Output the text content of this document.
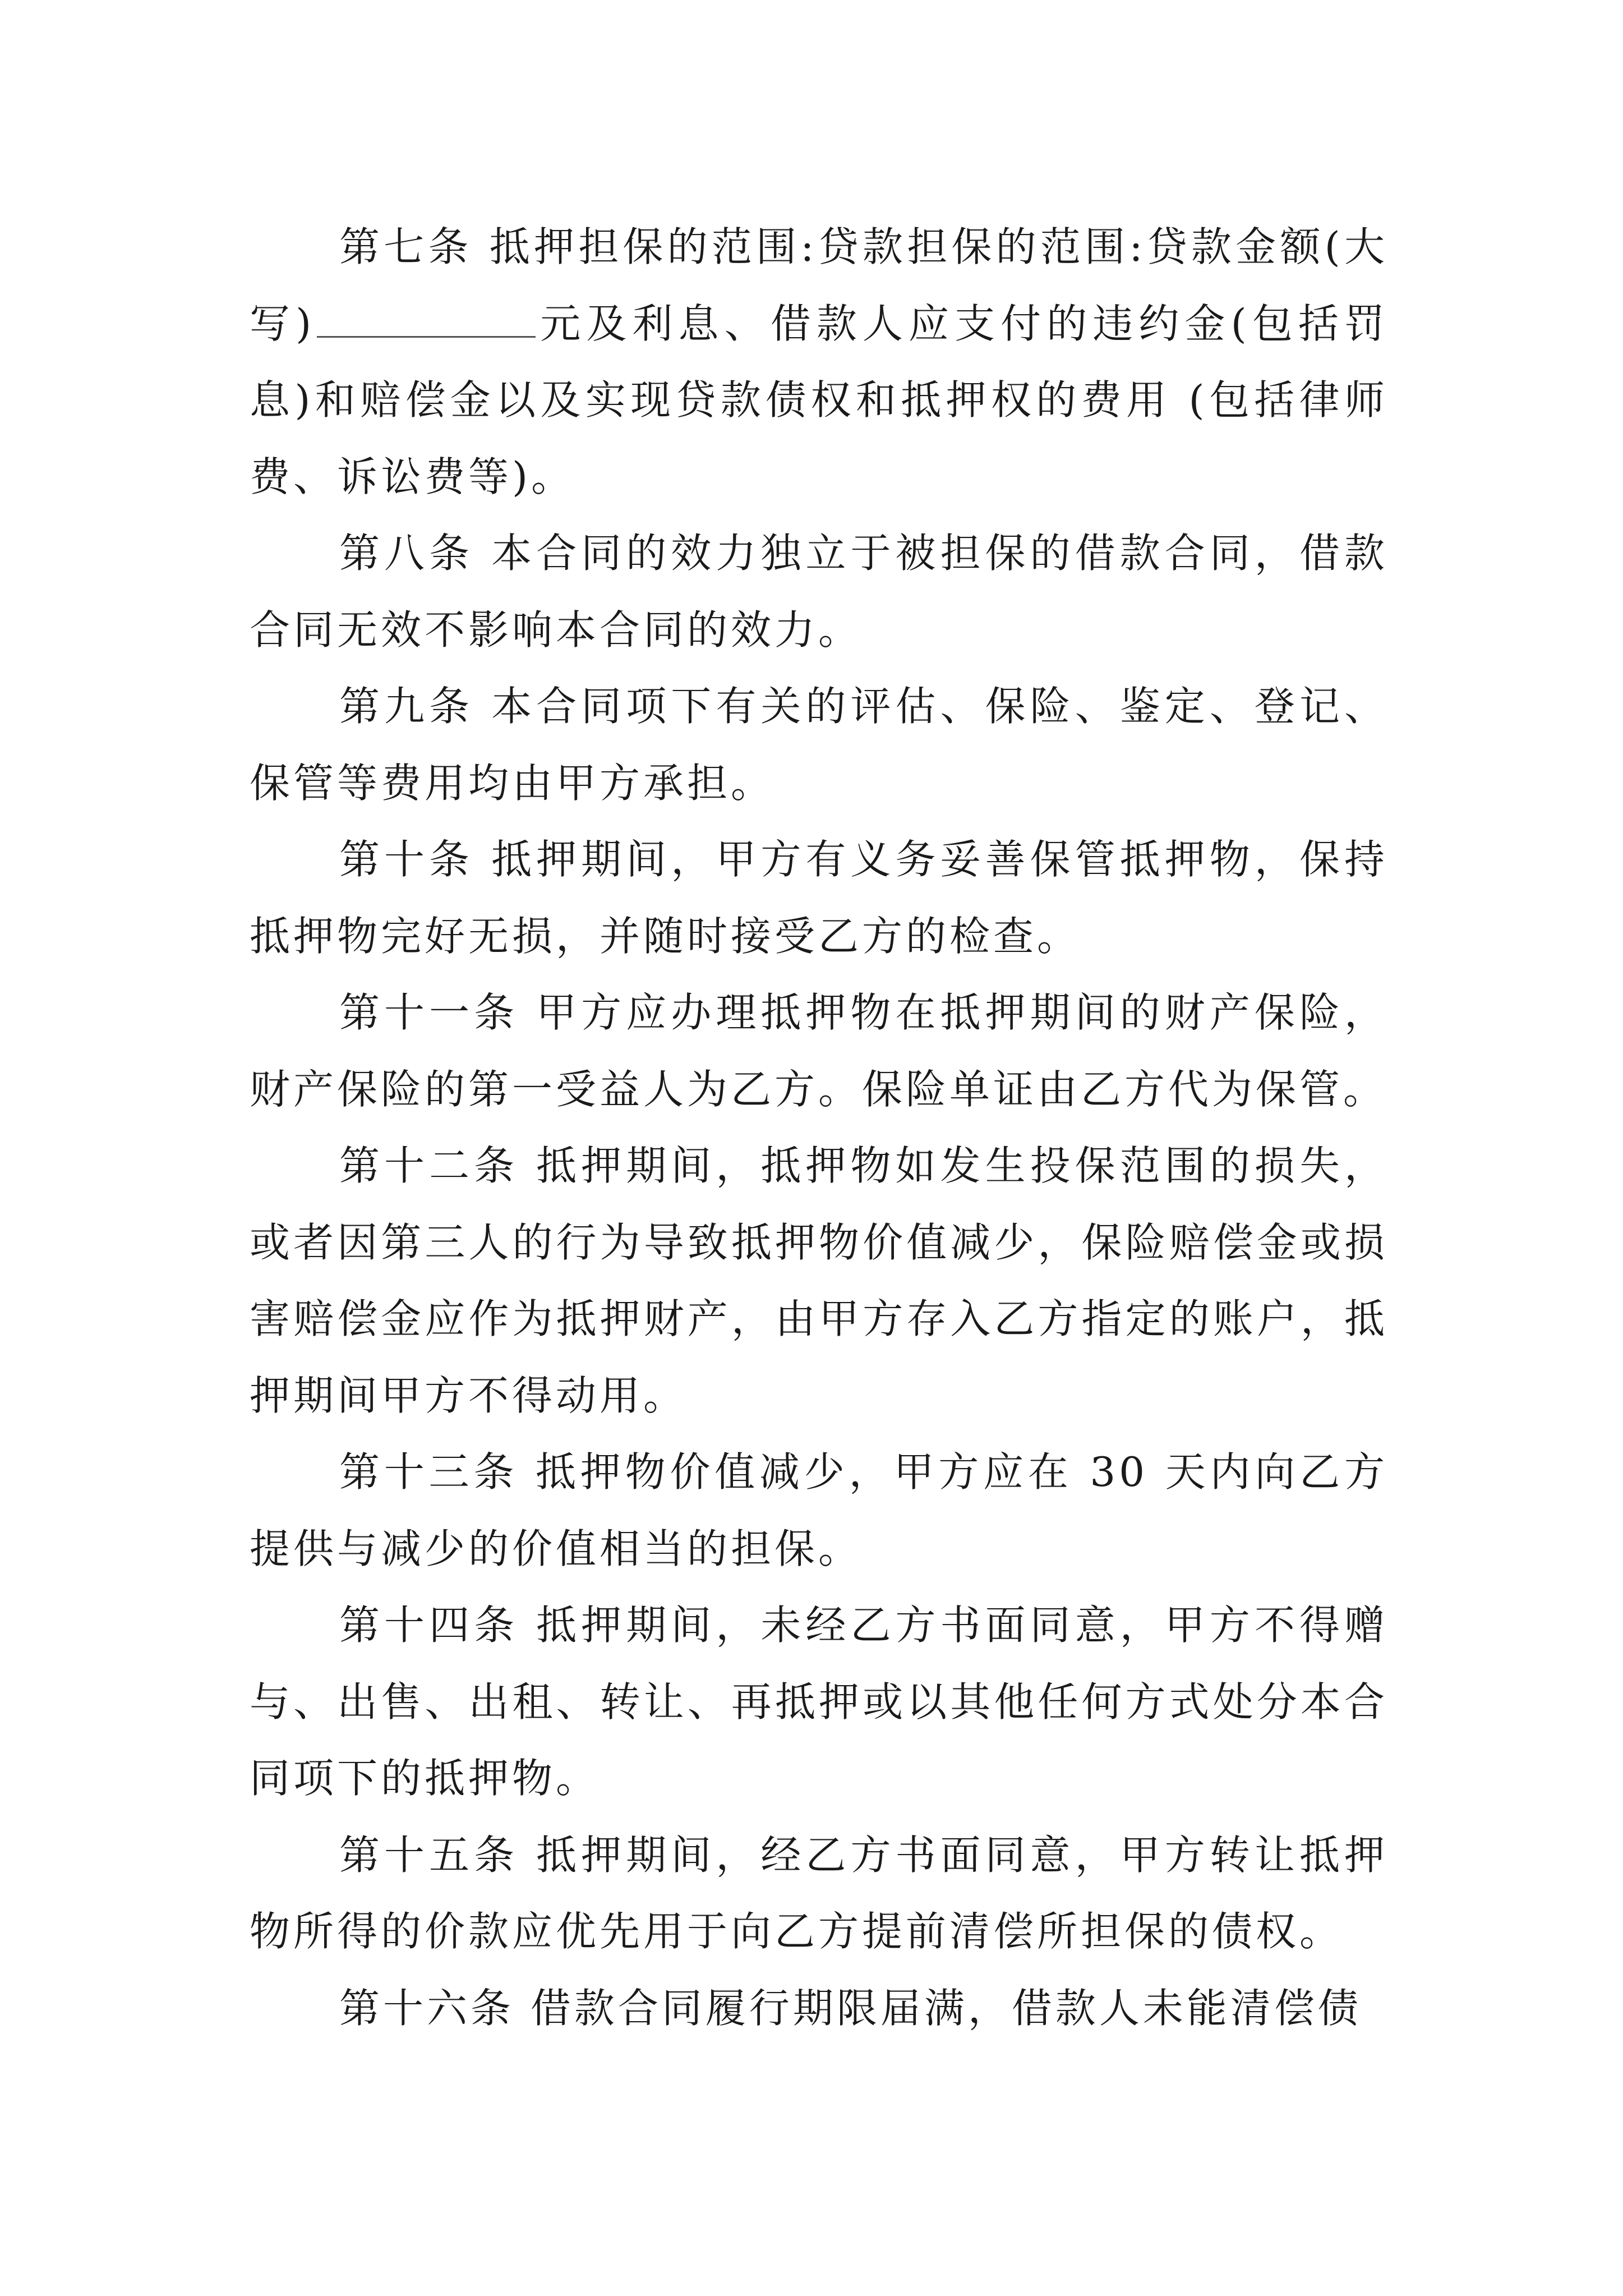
第七条 抵押担保的范围:贷款担保的范围:贷款金额(大写)	元及利息、借款人应支付的违约金(包括罚息)和赔偿金以及实现贷款债权和抵押权的费用 (包括律师费、诉讼费等)。

第八条 本合同的效力独立于被担保的借款合同，借款合同无效不影响本合同的效力。

第九条 本合同项下有关的评估、保险、鉴定、登记、保管等费用均由甲方承担。

第十条 抵押期间，甲方有义务妥善保管抵押物，保持抵押物完好无损，并随时接受乙方的检查。

第十一条 甲方应办理抵押物在抵押期间的财产保险，财产保险的第一受益人为乙方。保险单证由乙方代为保管。

第十二条 抵押期间，抵押物如发生投保范围的损失，或者因第三人的行为导致抵押物价值减少，保险赔偿金或损害赔偿金应作为抵押财产，由甲方存入乙方指定的账户，抵押期间甲方不得动用。

第十三条 抵押物价值减少，甲方应在 30 天内向乙方提供与减少的价值相当的担保。

第十四条 抵押期间，未经乙方书面同意，甲方不得赠与、出售、出租、转让、再抵押或以其他任何方式处分本合同项下的抵押物。

第十五条 抵押期间，经乙方书面同意，甲方转让抵押物所得的价款应优先用于向乙方提前清偿所担保的债权。

第十六条 借款合同履行期限届满，借款人未能清偿债
